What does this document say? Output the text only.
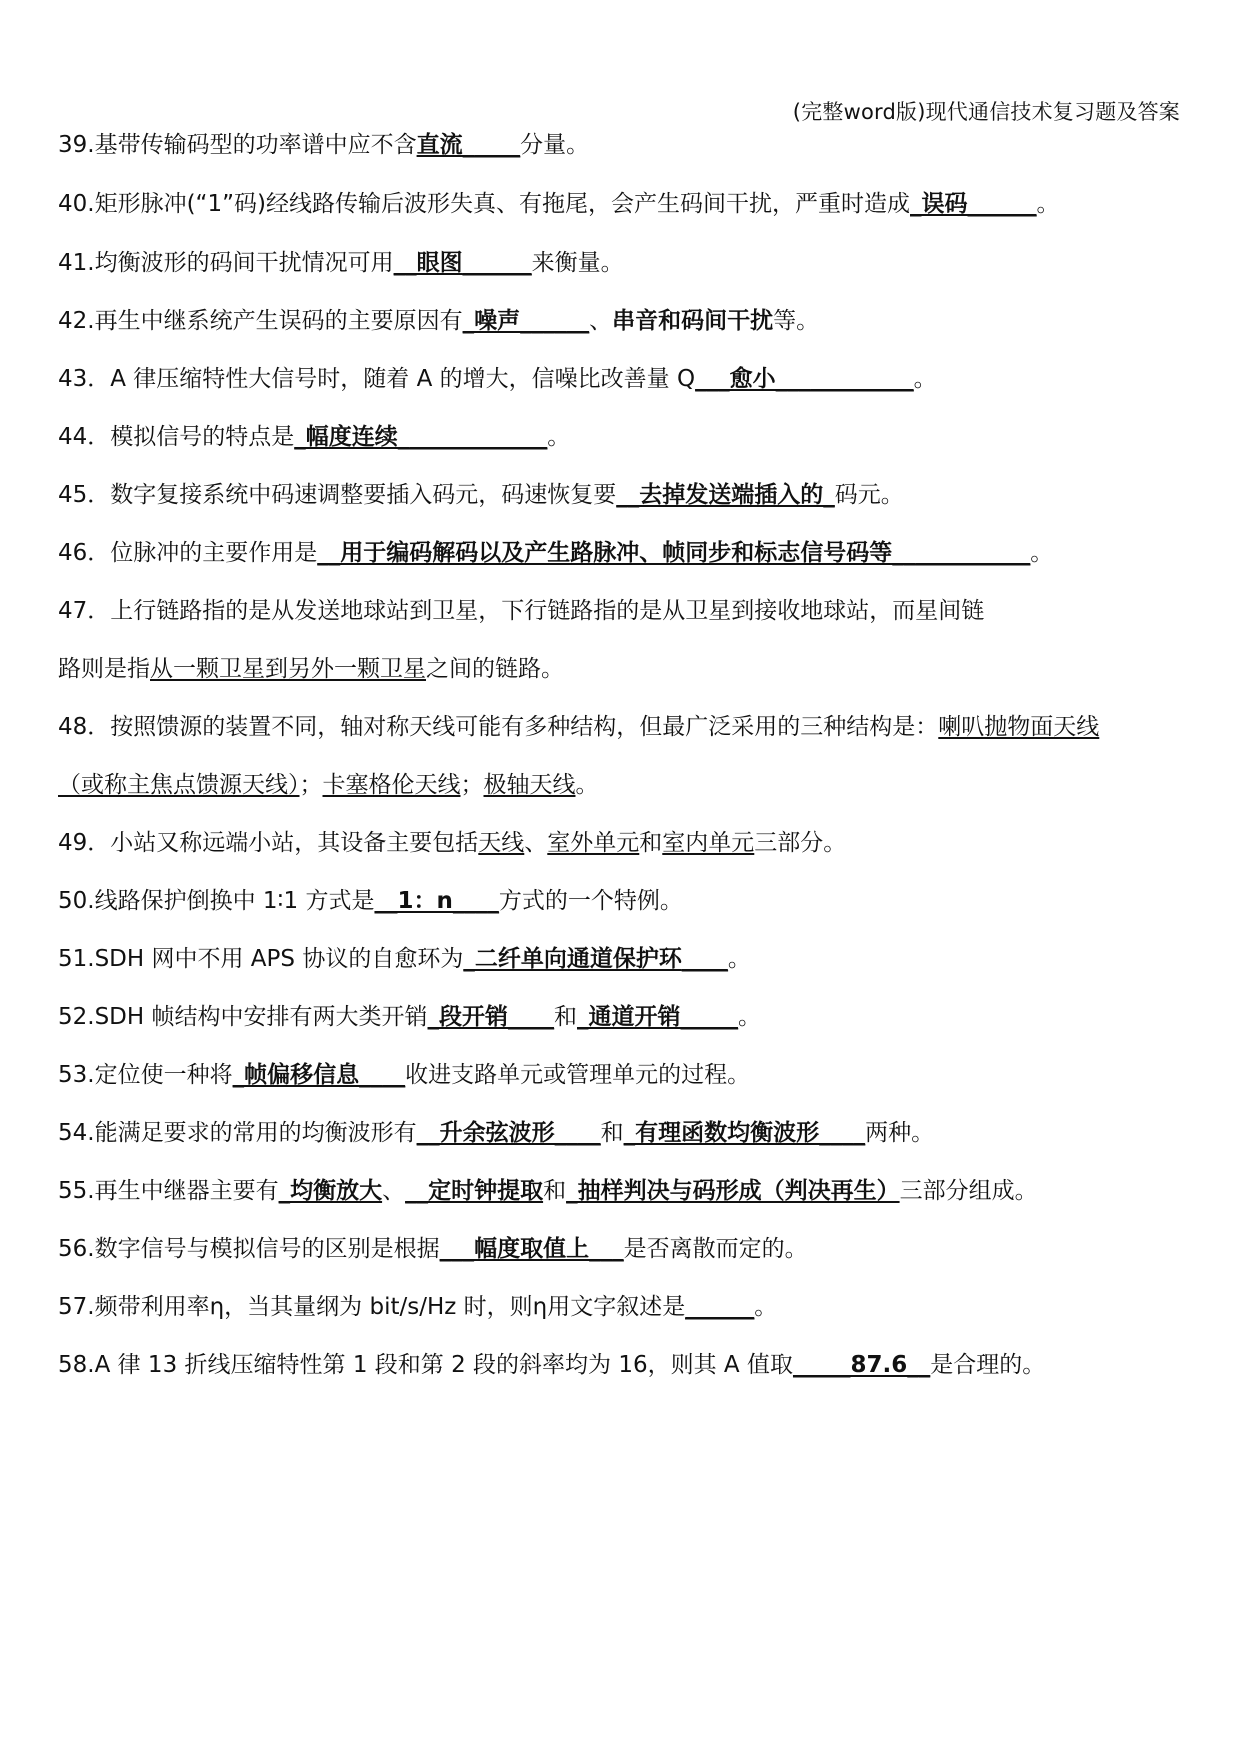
(完整word版)现代通信技术复习题及答案
39.基带传输码型的功率谱中应不含直流_____分量。
40.矩形脉冲(“1”码)经线路传输后波形失真、有拖尾，会产生码间干扰，严重时造成_误码______。
41.均衡波形的码间干扰情况可用__眼图______来衡量。
42.再生中继系统产生误码的主要原因有_噪声______、串音和码间干扰等。
43．A 律压缩特性大信号时，随着 A 的增大，信噪比改善量 Q___愈小____________。
44．模拟信号的特点是_幅度连续_____________。
45．数字复接系统中码速调整要插入码元，码速恢复要__去掉发送端插入的_码元。
46．位脉冲的主要作用是__用于编码解码以及产生路脉冲、帧同步和标志信号码等____________。
47．上行链路指的是从发送地球站到卫星，下行链路指的是从卫星到接收地球站，而星间链
路则是指从一颗卫星到另外一颗卫星之间的链路。
48．按照馈源的装置不同，轴对称天线可能有多种结构，但最广泛采用的三种结构是：喇叭抛物面天线
（或称主焦点馈源天线）；卡塞格伦天线；极轴天线。
49．小站又称远端小站，其设备主要包括天线、室外单元和室内单元三部分。
50.线路保护倒换中 1∶1 方式是__1：n____方式的一个特例。
51.SDH 网中不用 APS 协议的自愈环为_二纤单向通道保护环____。
52.SDH 帧结构中安排有两大类开销_段开销____和_通道开销_____。
53.定位使一种将_帧偏移信息____收进支路单元或管理单元的过程。
54.能满足要求的常用的均衡波形有__升余弦波形____和_有理函数均衡波形____两种。
55.再生中继器主要有_均衡放大、__定时钟提取和_抽样判决与码形成（判决再生）三部分组成。
56.数字信号与模拟信号的区别是根据___幅度取值上___是否离散而定的。
57.频带利用率η，当其量纲为 bit/s/Hz 时，则η用文字叙述是______。
58.A 律 13 折线压缩特性第 1 段和第 2 段的斜率均为 16，则其 A 值取_____87.6__是合理的。
